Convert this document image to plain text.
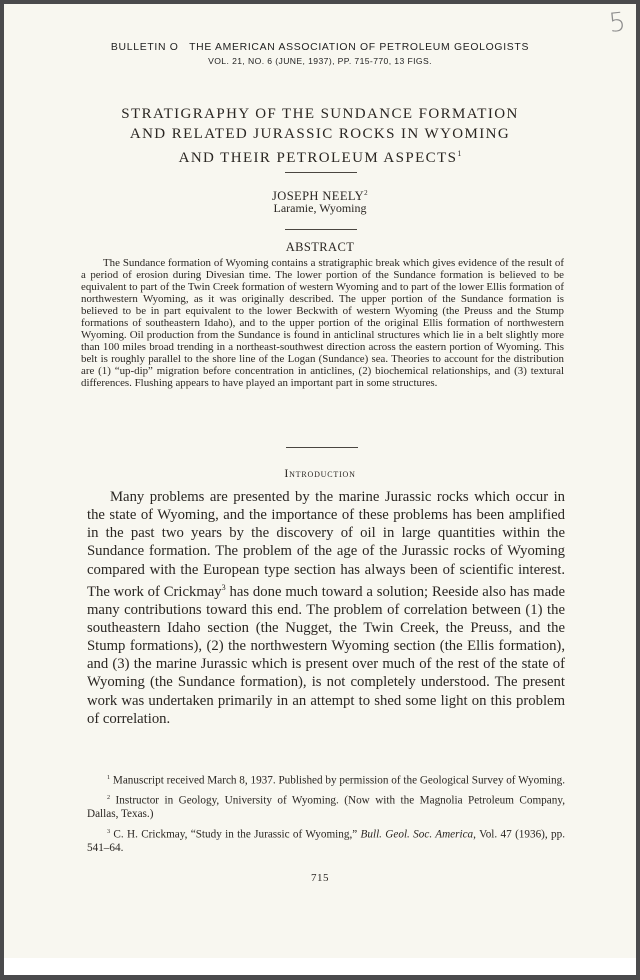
5
BULLETIN O   THE AMERICAN ASSOCIATION OF PETROLEUM GEOLOGISTS
VOL. 21, NO. 6 (JUNE, 1937), PP. 715-770, 13 FIGS.
STRATIGRAPHY OF THE SUNDANCE FORMATION
AND RELATED JURASSIC ROCKS IN WYOMING
AND THEIR PETROLEUM ASPECTS$^1$
JOSEPH NEELY$^2$
Laramie, Wyoming
ABSTRACT
The Sundance formation of Wyoming contains a stratigraphic break which gives evidence of the result of a period of erosion during Divesian time. The lower portion of the Sundance formation is believed to be equivalent to part of the Twin Creek formation of western Wyoming and to part of the lower Ellis formation of northwestern Wyoming, as it was originally described. The upper portion of the Sundance formation is believed to be in part equivalent to the lower Beckwith of western Wyoming (the Preuss and the Stump formations of southeastern Idaho), and to the upper portion of the original Ellis formation of northwestern Wyoming. Oil production from the Sundance is found in anticlinal structures which lie in a belt slightly more than 100 miles broad trending in a northeast-southwest direction across the eastern portion of Wyoming. This belt is roughly parallel to the shore line of the Logan (Sundance) sea. Theories to account for the distribution are (1) “up-dip” migration before concentration in anticlines, (2) biochemical relationships, and (3) textural differences. Flushing appears to have played an important part in some structures.
Introduction
Many problems are presented by the marine Jurassic rocks which occur in the state of Wyoming, and the importance of these problems has been amplified in the past two years by the discovery of oil in large quantities within the Sundance formation. The problem of the age of the Jurassic rocks of Wyoming compared with the European type section has always been of scientific interest. The work of Crickmay$^3$ has done much toward a solution; Reeside also has made many contributions toward this end. The problem of correlation between (1) the southeastern Idaho section (the Nugget, the Twin Creek, the Preuss, and the Stump formations), (2) the northwestern Wyoming section (the Ellis formation), and (3) the marine Jurassic which is present over much of the rest of the state of Wyoming (the Sundance formation), is not completely understood. The present work was undertaken primarily in an attempt to shed some light on this problem of correlation.
$^1$ Manuscript received March 8, 1937. Published by permission of the Geological Survey of Wyoming.
$^2$ Instructor in Geology, University of Wyoming. (Now with the Magnolia Petroleum Company, Dallas, Texas.)
$^3$ C. H. Crickmay, “Study in the Jurassic of Wyoming,” Bull. Geol. Soc. America, Vol. 47 (1936), pp. 541–64.
715
